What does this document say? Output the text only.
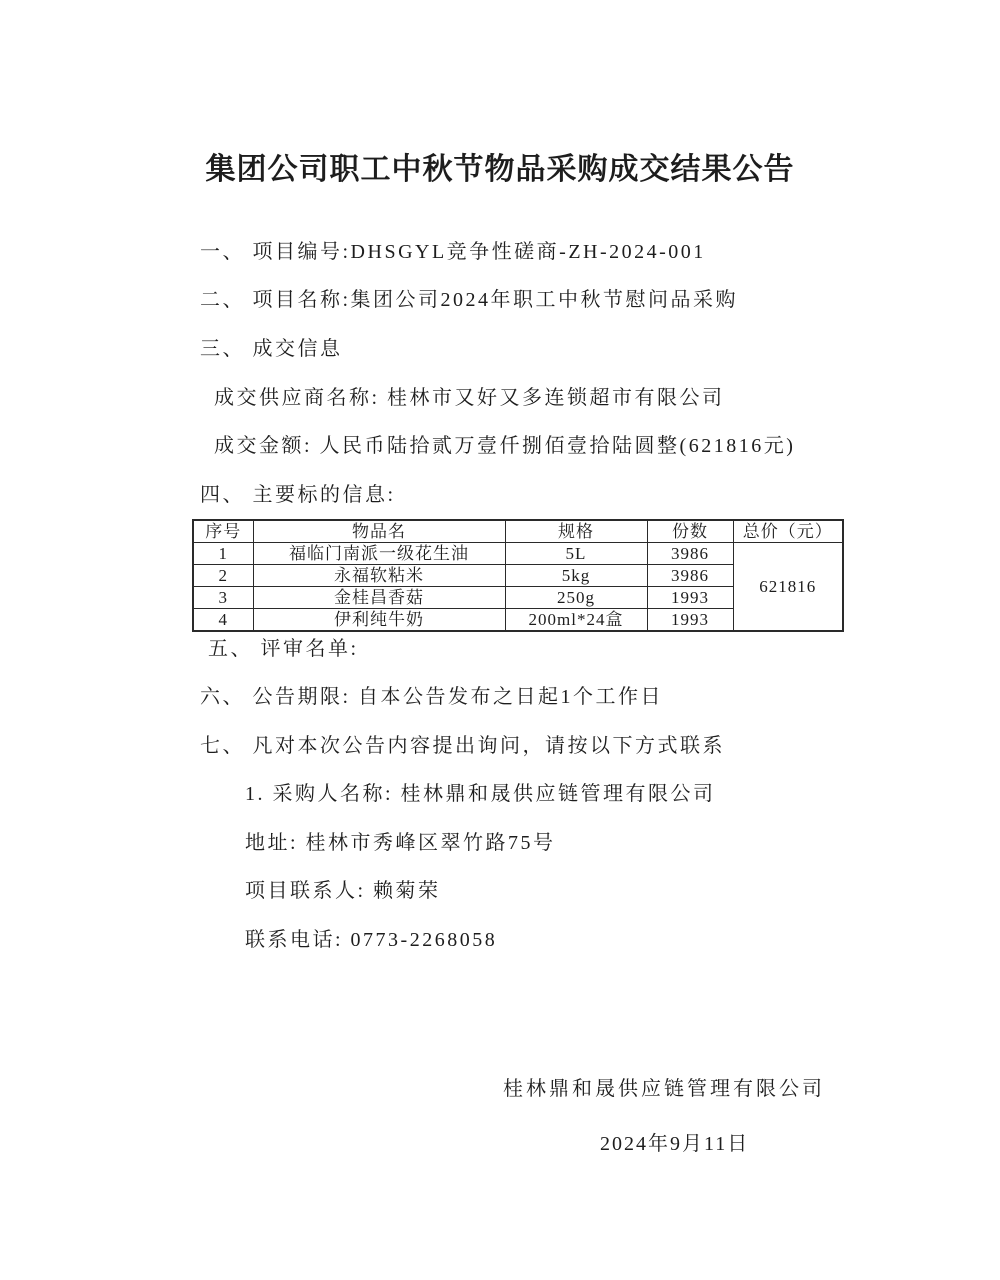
集团公司职工中秋节物品采购成交结果公告
一、 项目编号:DHSGYL竞争性磋商-ZH-2024-001
二、 项目名称:集团公司2024年职工中秋节慰问品采购
三、 成交信息
成交供应商名称: 桂林市又好又多连锁超市有限公司
成交金额: 人民币陆拾贰万壹仟捌佰壹拾陆圆整(621816元)
四、 主要标的信息:
序号	物品名	规格	份数	总价（元）
1	福临门南派一级花生油	5L	3986	621816
2	永福软粘米	5kg	3986	
3	金桂昌香菇	250g	1993	
4	伊利纯牛奶	200ml*24盒	1993	
五、 评审名单:
六、 公告期限: 自本公告发布之日起1个工作日
七、 凡对本次公告内容提出询问，请按以下方式联系
1. 采购人名称: 桂林鼎和晟供应链管理有限公司
地址: 桂林市秀峰区翠竹路75号
项目联系人: 赖菊荣
联系电话: 0773-2268058
桂林鼎和晟供应链管理有限公司
2024年9月11日
